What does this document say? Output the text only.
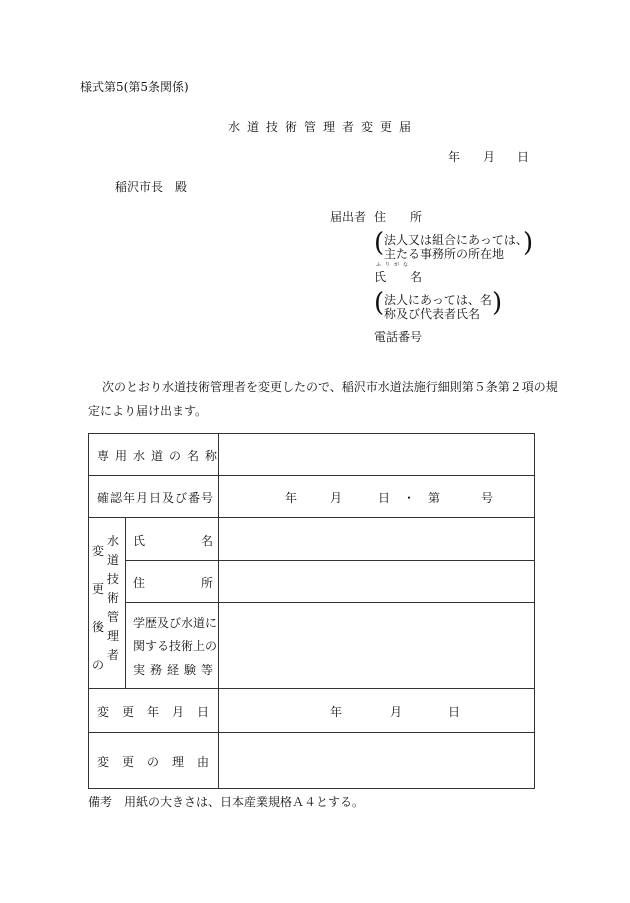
様式第5(第5条関係)
水道技術管理者変更届
年 月 日
稲沢市長　殿
届出者 住　　所
( 法人又は組合にあっては、
主たる事務所の所在地 )
ふりがな
氏　　名
( 法人にあっては、名
称及び代表者氏名 )
電話番号
次のとおり水道技術管理者を変更したので、稲沢市水道法施行細則第５条第２項の規
定により届け出ます。
専用水道の名称
確認年月日及び番号	年	月	日 ・ 第	号
変
更
後
の
水
道
技
術
管
理
者
氏	名
住	所
学歴及び水道に
関する技術上の
実務経験等
変更年月日	年	月	日
変更の理由
備考　用紙の大きさは、日本産業規格Ａ４とする。
